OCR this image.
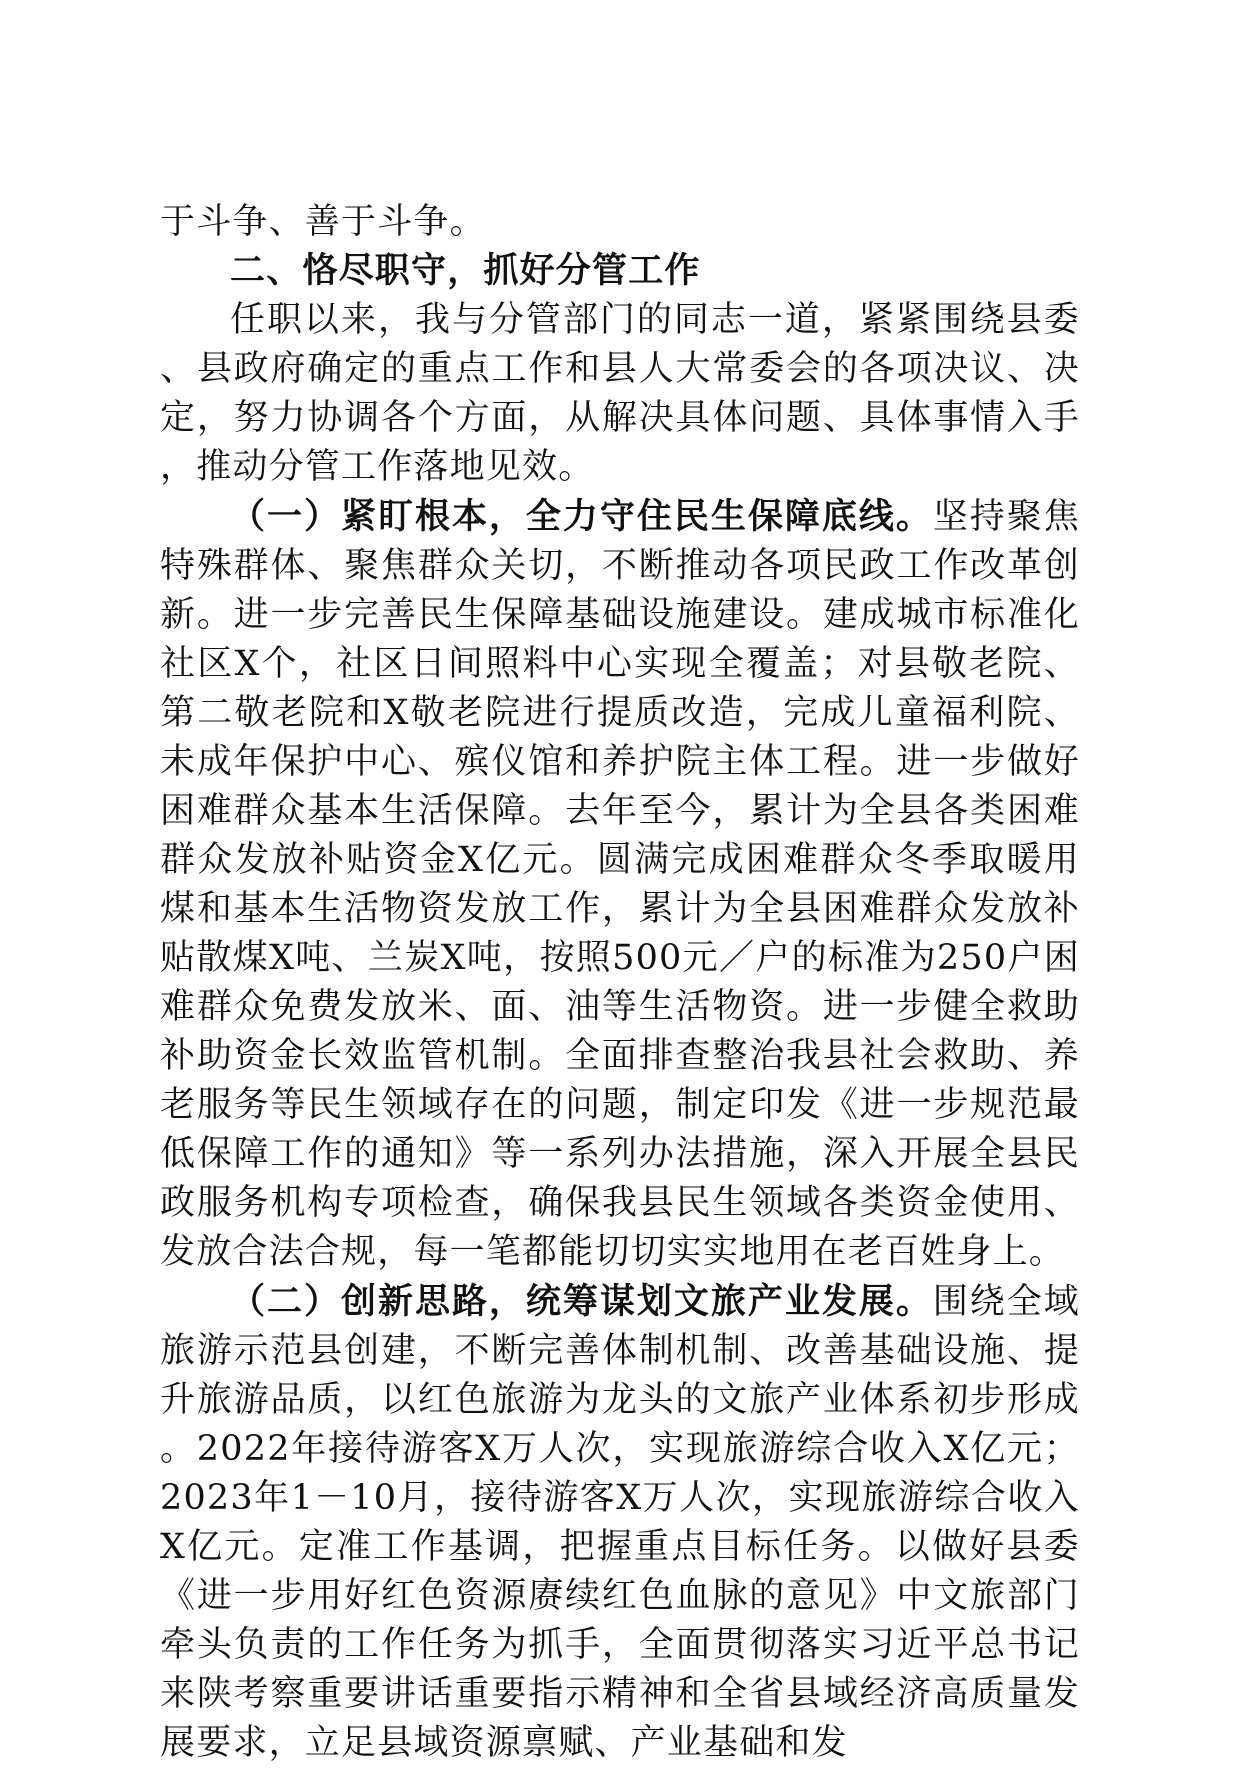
于斗争、善于斗争。

二、恪尽职守，抓好分管工作

任职以来，我与分管部门的同志一道，紧紧围绕县委、县政府确定的重点工作和县人大常委会的各项决议、决定，努力协调各个方面，从解决具体问题、具体事情入手，推动分管工作落地见效。

（一）紧盯根本，全力守住民生保障底线。坚持聚焦特殊群体、聚焦群众关切，不断推动各项民政工作改革创新。进一步完善民生保障基础设施建设。建成城市标准化社区X个，社区日间照料中心实现全覆盖；对县敬老院、第二敬老院和X敬老院进行提质改造，完成儿童福利院、未成年保护中心、殡仪馆和养护院主体工程。进一步做好困难群众基本生活保障。去年至今，累计为全县各类困难群众发放补贴资金X亿元。圆满完成困难群众冬季取暖用煤和基本生活物资发放工作，累计为全县困难群众发放补贴散煤X吨、兰炭X吨，按照500元／户的标准为250户困难群众免费发放米、面、油等生活物资。进一步健全救助补助资金长效监管机制。全面排查整治我县社会救助、养老服务等民生领域存在的问题，制定印发《进一步规范最低保障工作的通知》等一系列办法措施，深入开展全县民政服务机构专项检查，确保我县民生领域各类资金使用、发放合法合规，每一笔都能切切实实地用在老百姓身上。

（二）创新思路，统筹谋划文旅产业发展。围绕全域旅游示范县创建，不断完善体制机制、改善基础设施、提升旅游品质，以红色旅游为龙头的文旅产业体系初步形成。2022年接待游客X万人次，实现旅游综合收入X亿元；2023年1－10月，接待游客X万人次，实现旅游综合收入X亿元。定准工作基调，把握重点目标任务。以做好县委《进一步用好红色资源赓续红色血脉的意见》中文旅部门牵头负责的工作任务为抓手，全面贯彻落实习近平总书记来陕考察重要讲话重要指示精神和全省县域经济高质量发展要求，立足县域资源禀赋、产业基础和发
